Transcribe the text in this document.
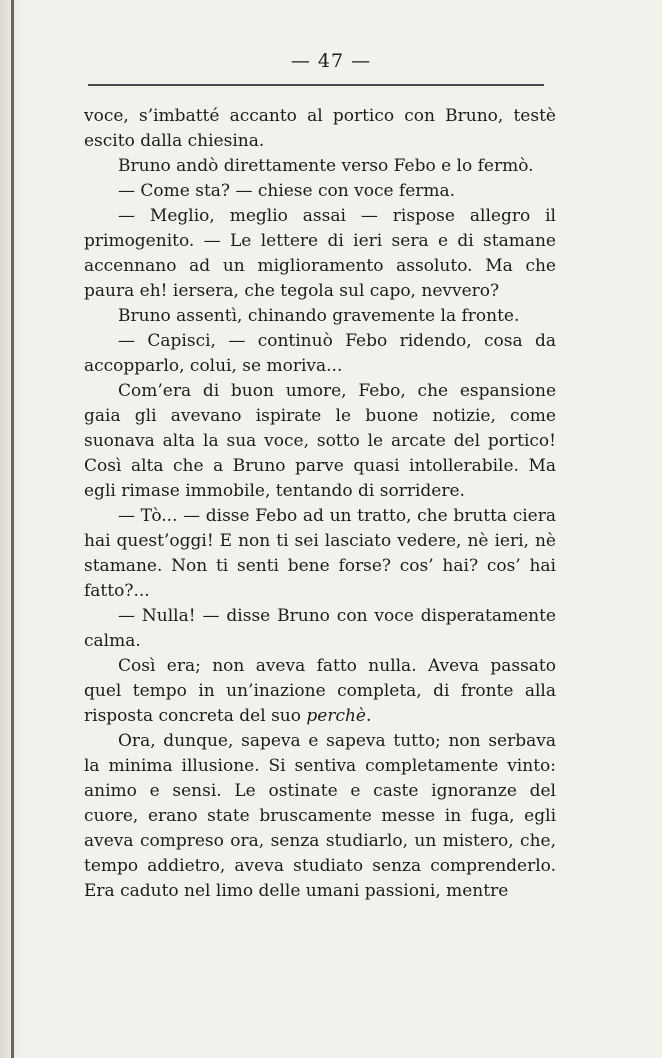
— 47 —

voce, s’imbatté accanto al portico con Bruno, testè escito dalla chiesina.

Bruno andò direttamente verso Febo e lo fermò.

— Come sta? — chiese con voce ferma.

— Meglio, meglio assai — rispose allegro il primogenito. — Le lettere di ieri sera e di stamane accennano ad un miglioramento assoluto. Ma che paura eh! iersera, che tegola sul capo, nevvero?

Bruno assentì, chinando gravemente la fronte.

— Capisci, — continuò Febo ridendo, cosa da accopparlo, colui, se moriva...

Com’era di buon umore, Febo, che espansione gaia gli avevano ispirate le buone notizie, come suonava alta la sua voce, sotto le arcate del portico! Così alta che a Bruno parve quasi intollerabile. Ma egli rimase immobile, tentando di sorridere.

— Tò... — disse Febo ad un tratto, che brutta ciera hai quest’oggi! E non ti sei lasciato vedere, nè ieri, nè stamane. Non ti senti bene forse? cos’ hai? cos’ hai fatto?...

— Nulla! — disse Bruno con voce disperatamente calma.

Così era; non aveva fatto nulla. Aveva passato quel tempo in un’inazione completa, di fronte alla risposta concreta del suo perchè.

Ora, dunque, sapeva e sapeva tutto; non serbava la minima illusione. Si sentiva completamente vinto: animo e sensi. Le ostinate e caste ignoranze del cuore, erano state bruscamente messe in fuga, egli aveva compreso ora, senza studiarlo, un mistero, che, tempo addietro, aveva studiato senza comprenderlo. Era caduto nel limo delle umani passioni, mentre
